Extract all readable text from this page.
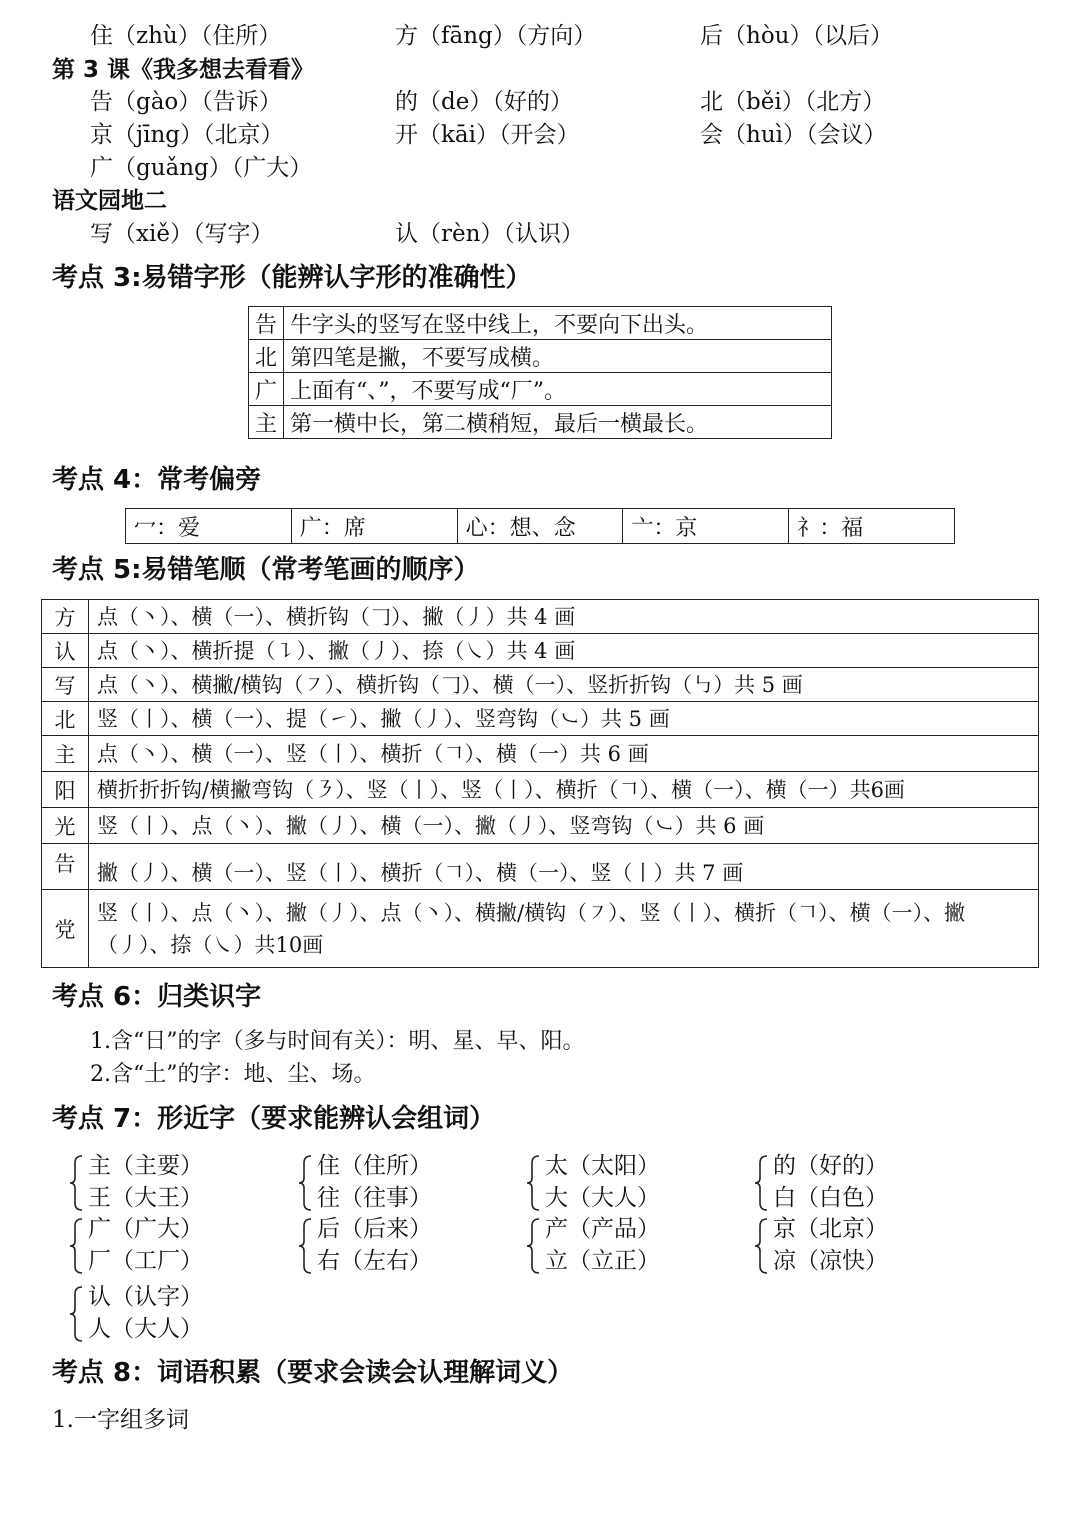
住（zhù）（住所）	方（fāng）（方向）	后（hòu）（以后）
第 3 课《我多想去看看》
告（gào）（告诉）	的（de）（好的）	北（běi）（北方）
京（jīng）（北京）	开（kāi）（开会）	会（huì）（会议）
广（guǎng）（广大）
语文园地二
写（xiě）（写字）	认（rèn）（认识）
考点 3:易错字形（能辨认字形的准确性）
告	牛字头的竖写在竖中线上，不要向下出头。
北	第四笔是撇，不要写成横。
广	上面有“、”，不要写成“厂”。
主	第一横中长，第二横稍短，最后一横最长。
考点 4：常考偏旁
冖：爱	广：席	心：想、念	亠：京	礻：福
考点 5:易错笔顺（常考笔画的顺序）
方	点（丶）、横（一）、横折钩（𠃌）、撇（丿）共 4 画
认	点（丶）、横折提（㇊）、撇（丿）、捺（㇏）共 4 画
写	点（丶）、横撇/横钩（㇇）、横折钩（𠃌）、横（一）、竖折折钩（㇉）共 5 画
北	竖（丨）、横（一）、提（㇀）、撇（丿）、竖弯钩（㇃）共 5 画
主	点（丶）、横（一）、竖（丨）、横折（𠃍）、横（一）共 6 画
阳	横折折折钩/横撇弯钩（㇋）、竖（丨）、竖（丨）、横折（𠃍）、横（一）、横（一）共6画
光	竖（丨）、点（丶）、撇（丿）、横（一）、撇（丿）、竖弯钩（㇃）共 6 画
告	撇（丿）、横（一）、竖（丨）、横折（𠃍）、横（一）、竖（丨）共 7 画
党	竖（丨）、点（丶）、撇（丿）、点（丶）、横撇/横钩（㇇）、竖（丨）、横折（𠃍）、横（一）、撇（丿）、捺（㇏）共10画
考点 6：归类识字
1.含“日”的字（多与时间有关）：明、星、早、阳。
2.含“土”的字：地、尘、场。
考点 7：形近字（要求能辨认会组词）
主（主要）
王（大王）
住（住所）
往（往事）
太（太阳）
大（大人）
的（好的）
白（白色）
广（广大）
厂（工厂）
后（后来）
右（左右）
产（产品）
立（立正）
京（北京）
凉（凉快）
认（认字）
人（大人）
考点 8：词语积累（要求会读会认理解词义）
1.一字组多词
